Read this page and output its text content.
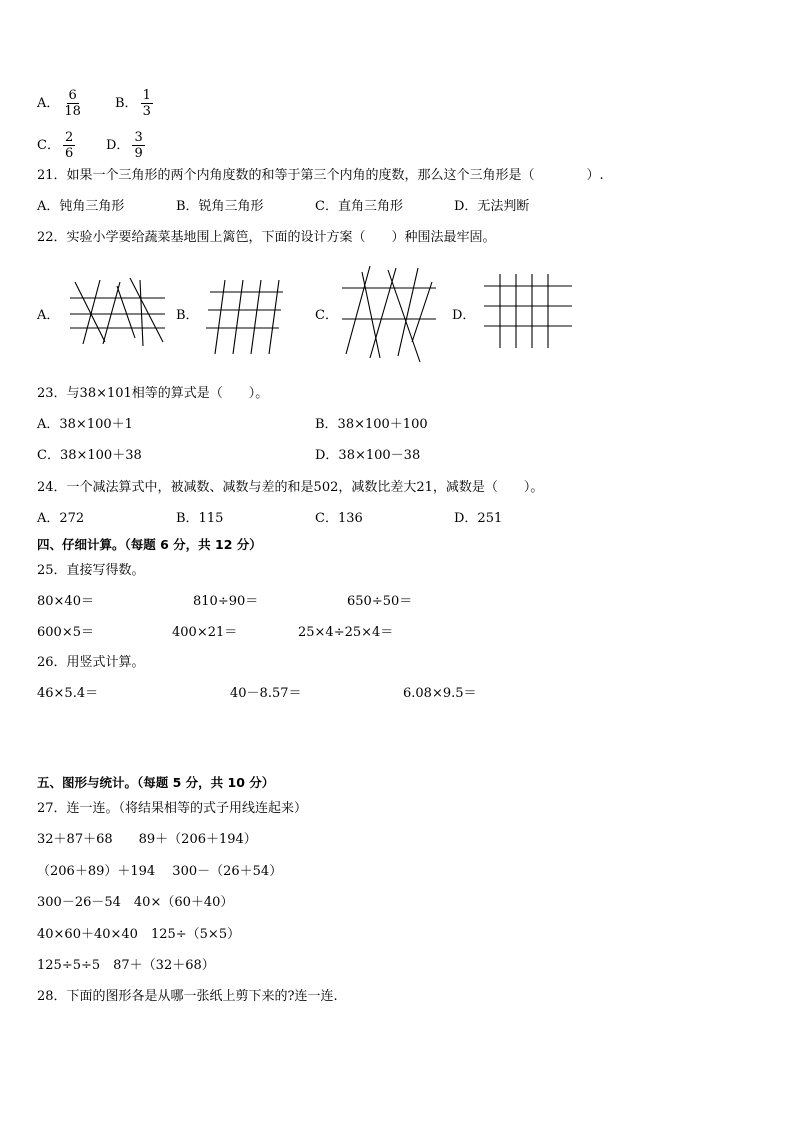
A． $\frac{6}{18}$ B． $\frac{1}{3}$
C． $\frac{2}{6}$ D． $\frac{3}{9}$
21．如果一个三角形的两个内角度数的和等于第三个内角的度数，那么这个三角形是（　　　　）.
A．钝角三角形	B．锐角三角形	C．直角三角形	D．无法判断
22．实验小学要给蔬菜基地围上篱笆，下面的设计方案（　　）种围法最牢固。
A．	B．	C．	D．
23．与38×101相等的算式是（　　）。
A．38×100＋1	B．38×100＋100
C．38×100＋38	D．38×100－38
24．一个减法算式中，被减数、减数与差的和是502，减数比差大21，减数是（　　）。
A．272	B．115	C．136	D．251
四、仔细计算。（每题 6 分，共 12 分）
25．直接写得数。
80×40＝	810÷90＝	650÷50＝
600×5＝	400×21＝	25×4÷25×4＝
26．用竖式计算。
46×5.4＝	40－8.57＝	6.08×9.5＝
五、图形与统计。（每题 5 分，共 10 分）
27．连一连。（将结果相等的式子用线连起来）
32＋87＋68　　89＋（206＋194）
（206＋89）＋194　 300－（26＋54）
300－26－54　40×（60＋40）
40×60＋40×40　125÷（5×5）
125÷5÷5　87＋（32＋68）
28．下面的图形各是从哪一张纸上剪下来的?连一连.
